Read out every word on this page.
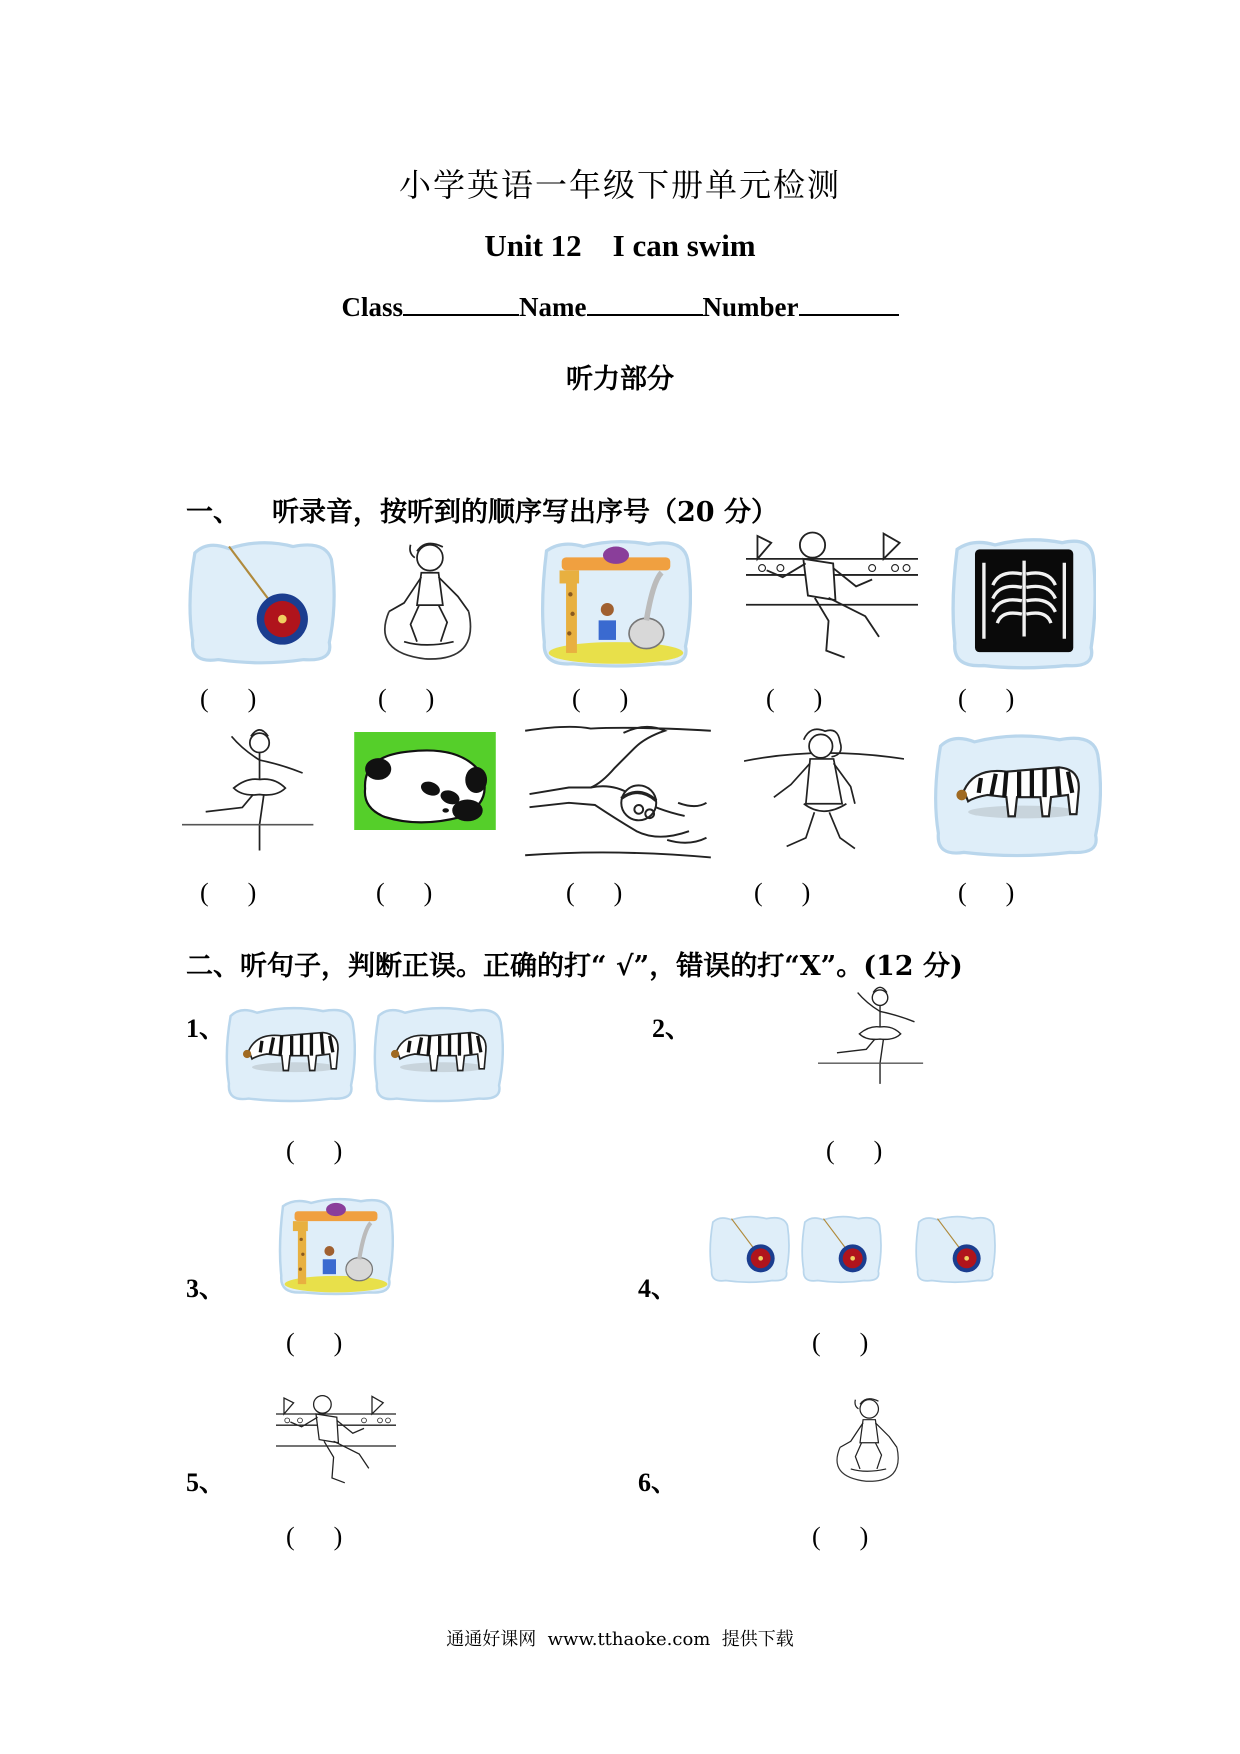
小学英语一年级下册单元检测
Unit 12    I can swim
Class	Name	Number
听力部分
一、 听录音，按听到的顺序写出序号（20 分）
(      )	(      )	(      )	(      )	(      )
(      )	(      )	(      )	(      )	(      )
二、听句子，判断正误。正确的打“ √”，错误的打“X”。(12 分)
1、
(      )
2、
(      )
3、
(      )
4、
(      )
5、
(      )
6、
(      )
通通好课网  www.tthaoke.com  提供下载
